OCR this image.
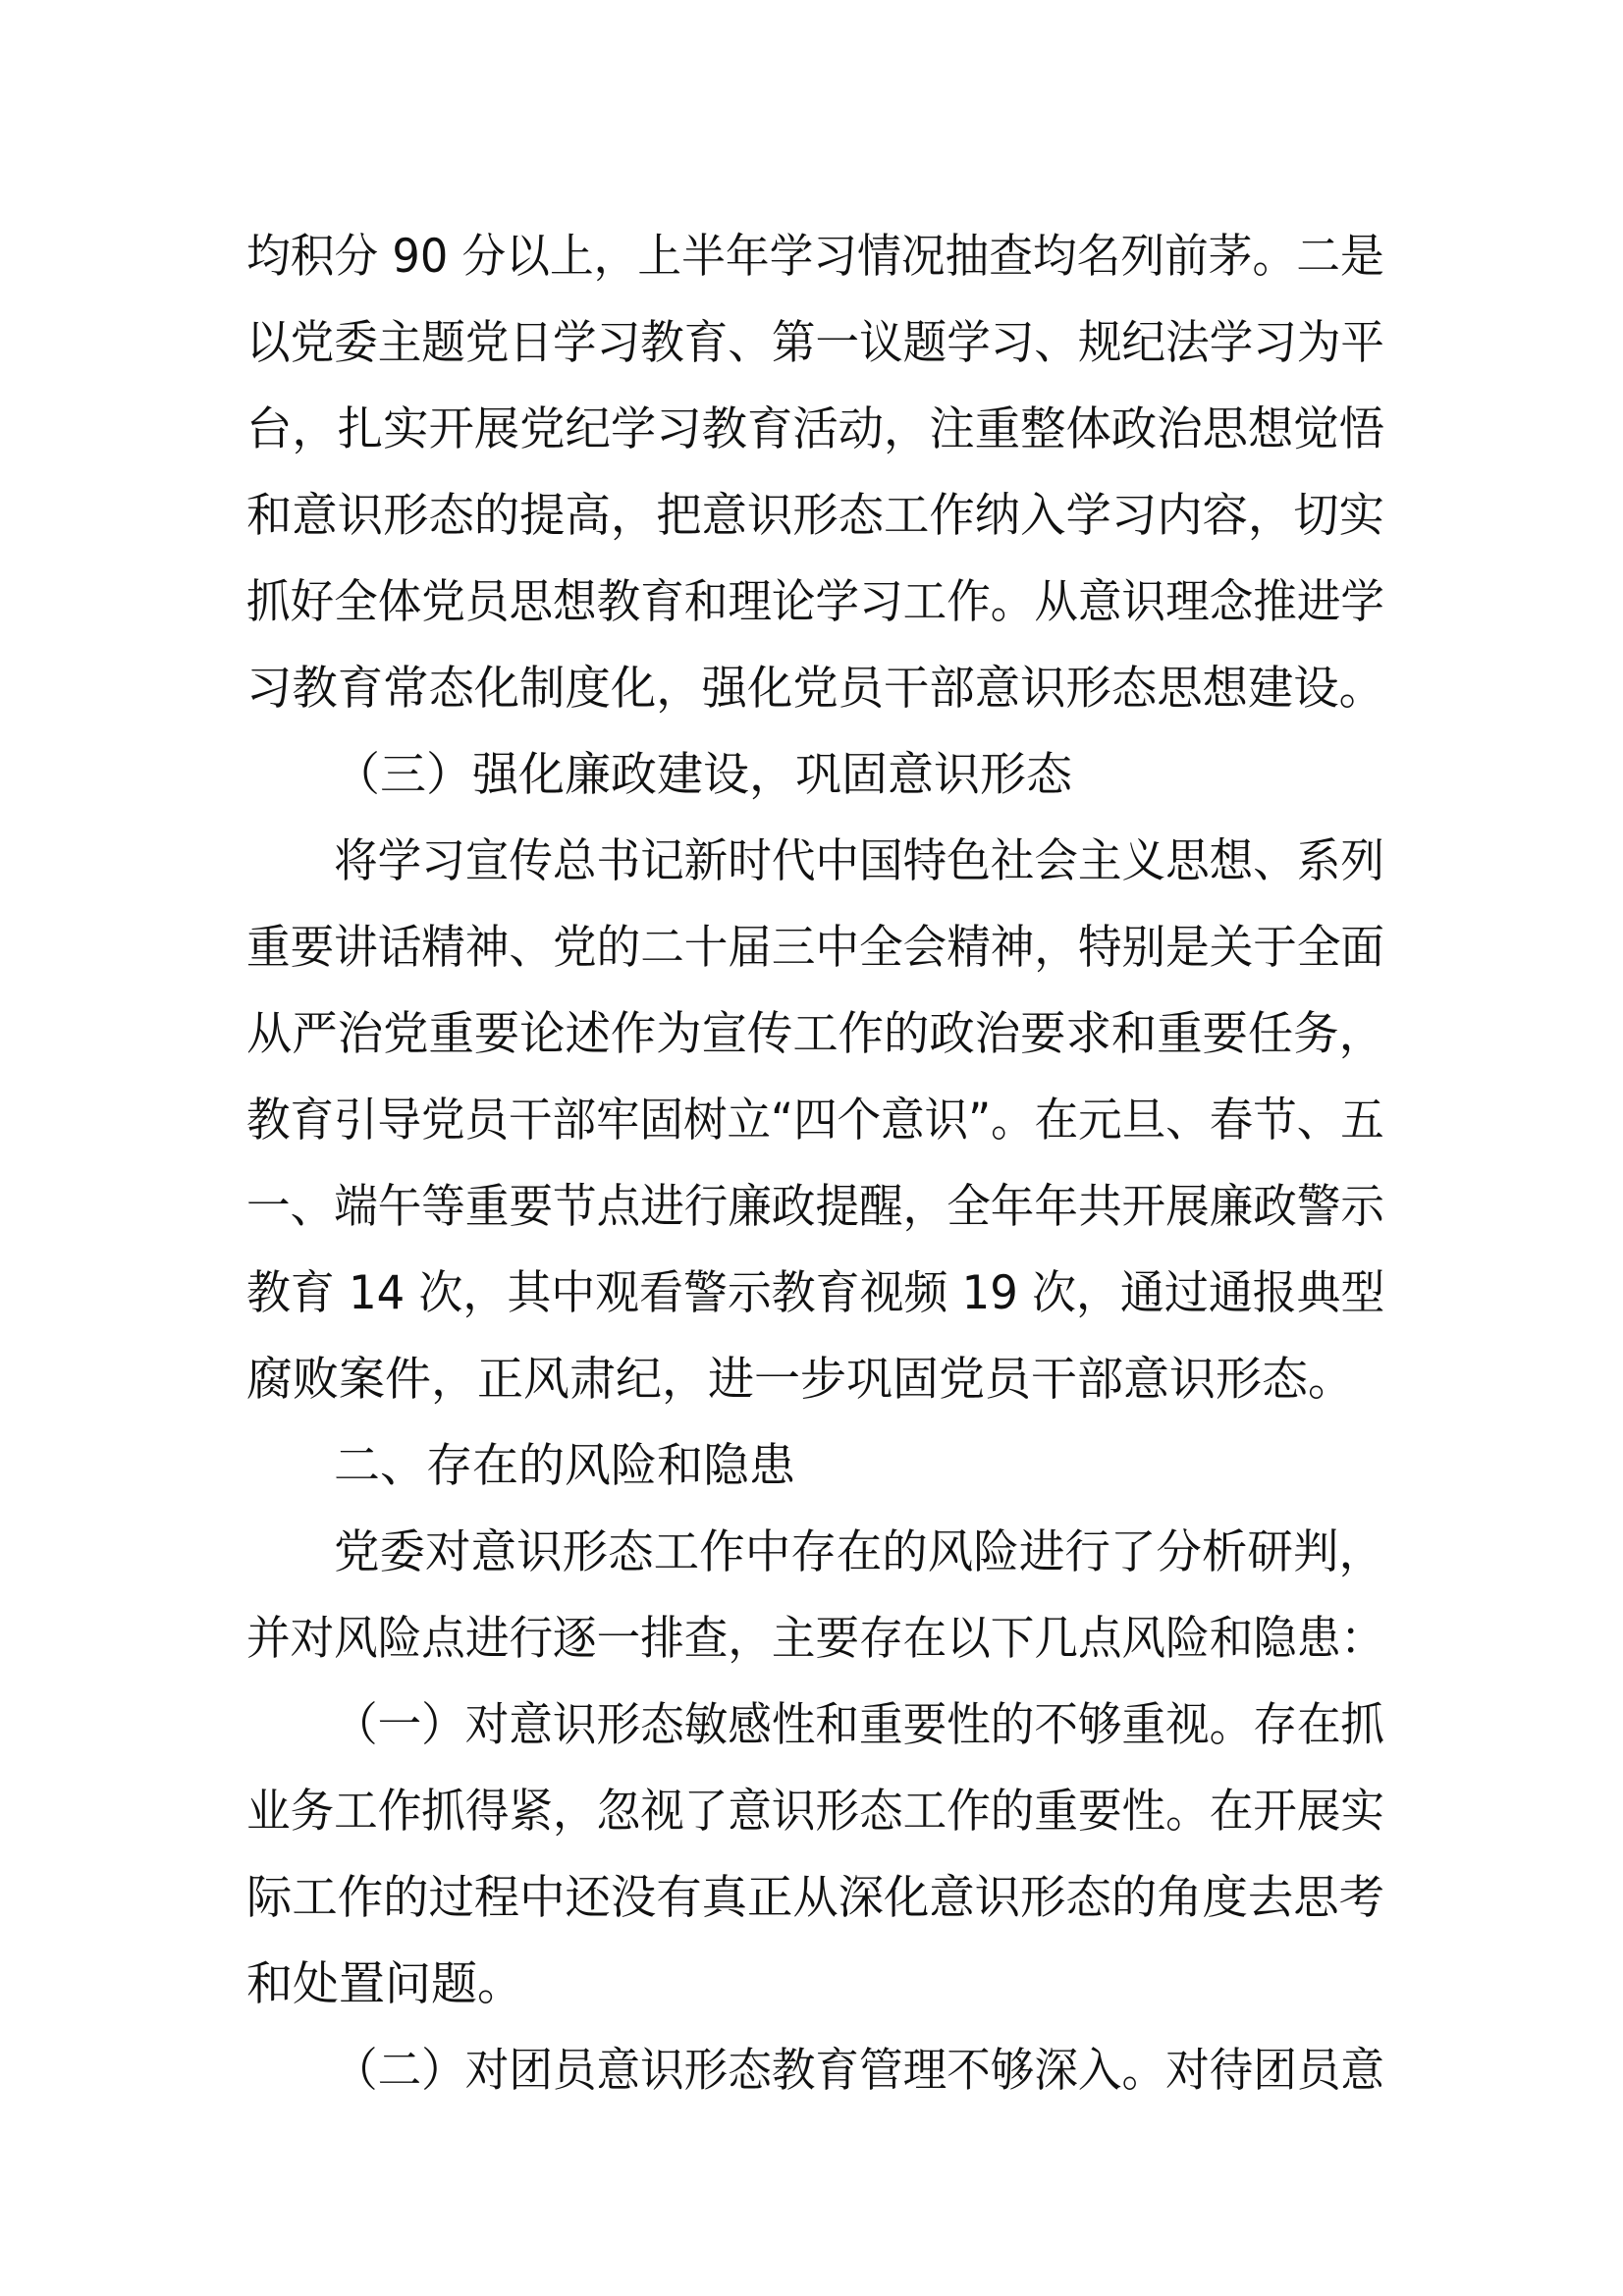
均积分 90 分以上，上半年学习情况抽查均名列前茅。二是

以党委主题党日学习教育、第一议题学习、规纪法学习为平

台，扎实开展党纪学习教育活动，注重整体政治思想觉悟

和意识形态的提高，把意识形态工作纳入学习内容，切实

抓好全体党员思想教育和理论学习工作。从意识理念推进学

习教育常态化制度化，强化党员干部意识形态思想建设。

（三）强化廉政建设，巩固意识形态

将学习宣传总书记新时代中国特色社会主义思想、系列

重要讲话精神、党的二十届三中全会精神，特别是关于全面

从严治党重要论述作为宣传工作的政治要求和重要任务，

教育引导党员干部牢固树立“四个意识”。在元旦、春节、五

一、端午等重要节点进行廉政提醒，全年年共开展廉政警示

教育 14 次，其中观看警示教育视频 19 次，通过通报典型

腐败案件，正风肃纪，进一步巩固党员干部意识形态。

二、存在的风险和隐患

党委对意识形态工作中存在的风险进行了分析研判，

并对风险点进行逐一排查，主要存在以下几点风险和隐患：

（一）对意识形态敏感性和重要性的不够重视。存在抓

业务工作抓得紧，忽视了意识形态工作的重要性。在开展实

际工作的过程中还没有真正从深化意识形态的角度去思考

和处置问题。

（二）对团员意识形态教育管理不够深入。对待团员意
